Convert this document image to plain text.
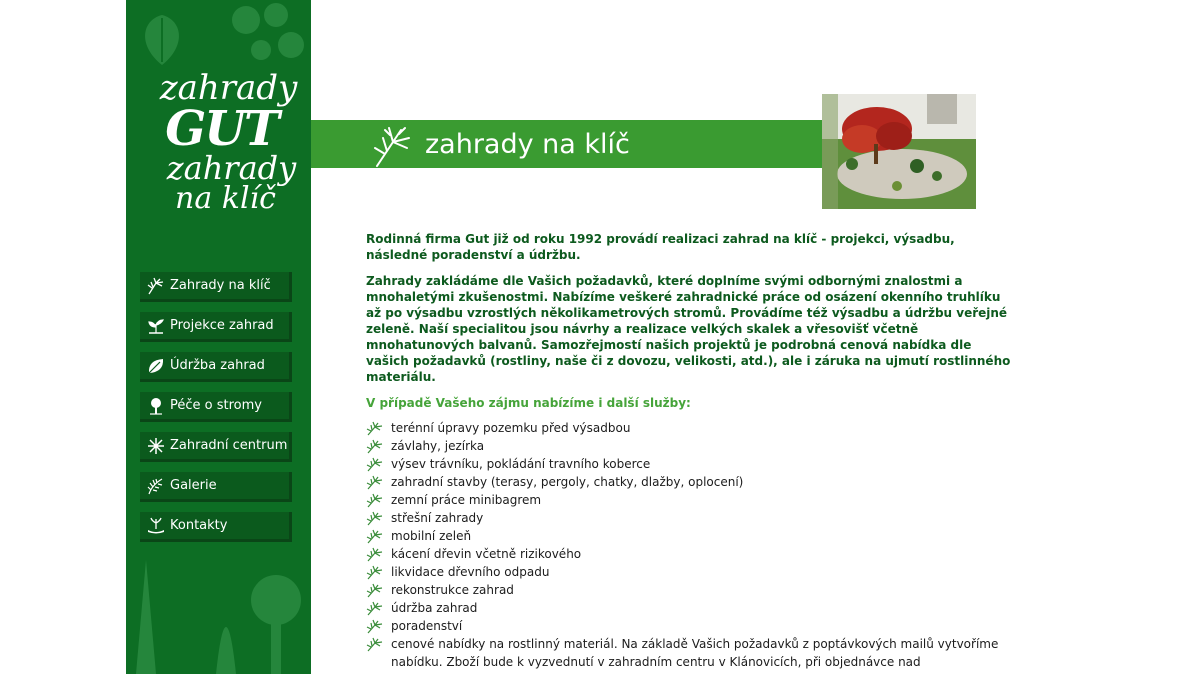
zahrady
GUT
zahrady
na klíč
Zahrady na klíč
Projekce zahrad
Údržba zahrad
Péče o stromy
Zahradní centrum
Galerie
Kontakty
zahrady na klíč

Rodinná firma Gut již od roku 1992 provádí realizaci zahrad na klíč - projekci, výsadbu, následné poradenství a údržbu.

Zahrady zakládáme dle Vašich požadavků, které doplníme svými odbornými znalostmi a mnohaletými zkušenostmi. Nabízíme veškeré zahradnické práce od osázení okenního truhlíku až po výsadbu vzrostlých několikametrových stromů. Provádíme též výsadbu a údržbu veřejné zeleně. Naší specialitou jsou návrhy a realizace velkých skalek a vřesovišť včetně mnohatunových balvanů. Samozřejmostí našich projektů je podrobná cenová nabídka dle vašich požadavků (rostliny, naše či z dovozu, velikosti, atd.), ale i záruka na ujmutí rostlinného materiálu.

V případě Vašeho zájmu nabízíme i další služby:

terénní úpravy pozemku před výsadbou
závlahy, jezírka
výsev trávníku, pokládání travního koberce
zahradní stavby (terasy, pergoly, chatky, dlažby, oplocení)
zemní práce minibagrem
střešní zahrady
mobilní zeleň
kácení dřevin včetně rizikového
likvidace dřevního odpadu
rekonstrukce zahrad
údržba zahrad
poradenství
cenové nabídky na rostlinný materiál. Na základě Vašich požadavků z poptávkových mailů vytvoříme nabídku. Zboží bude k vyzvednutí v zahradním centru v Klánovicích, při objednávce nad
